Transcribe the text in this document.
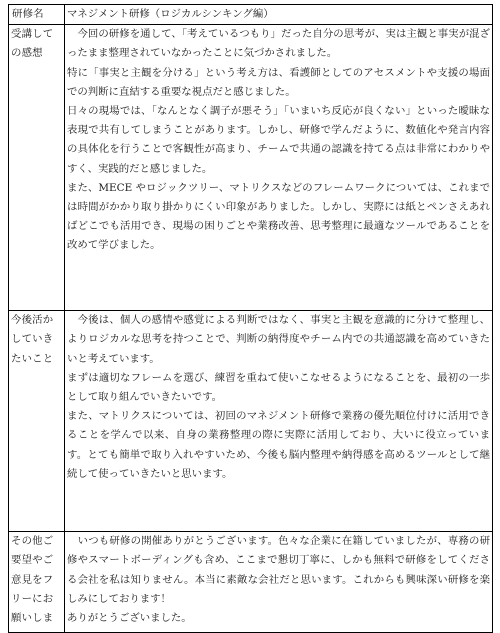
研修名	マネジメント研修（ロジカルシンキング編）
受講しての感想	　今回の研修を通して、「考えているつもり」だった自分の思考が、実は主観と事実が混ざったまま整理されていなかったことに気づかされました。

特に「事実と主観を分ける」という考え方は、看護師としてのアセスメントや支援の場面での判断に直結する重要な視点だと感じました。

日々の現場では、「なんとなく調子が悪そう」「いまいち反応が良くない」といった曖昧な表現で共有してしまうことがあります。しかし、研修で学んだように、数値化や発言内容の具体化を行うことで客観性が高まり、チームで共通の認識を持てる点は非常にわかりやすく、実践的だと感じました。

また、MECE やロジックツリー、マトリクスなどのフレームワークについては、これまでは時間がかかり取り掛かりにくい印象がありました。しかし、実際には紙とペンさえあればどこでも活用でき、現場の困りごとや業務改善、思考整理に最適なツールであることを改めて学びました。

今後活かしていきたいこと	　今後は、個人の感情や感覚による判断ではなく、事実と主観を意識的に分けて整理し、よりロジカルな思考を持つことで、判断の納得度やチーム内での共通認識を高めていきたいと考えています。

まずは適切なフレームを選び、練習を重ねて使いこなせるようになることを、最初の一歩として取り組んでいきたいです。

また、マトリクスについては、初回のマネジメント研修で業務の優先順位付けに活用できることを学んで以来、自身の業務整理の際に実際に活用しており、大いに役立っています。とても簡単で取り入れやすいため、今後も脳内整理や納得感を高めるツールとして継続して使っていきたいと思います。

その他ご要望やご意見をフリーにお願いしま	　いつも研修の開催ありがとうございます。色々な企業に在籍していましたが、専務の研修やスマートボーディングも含め、ここまで懇切丁寧に、しかも無料で研修をしてくださる会社を私は知りません。本当に素敵な会社だと思います。これからも興味深い研修を楽しみにしております！

ありがとうございました。
